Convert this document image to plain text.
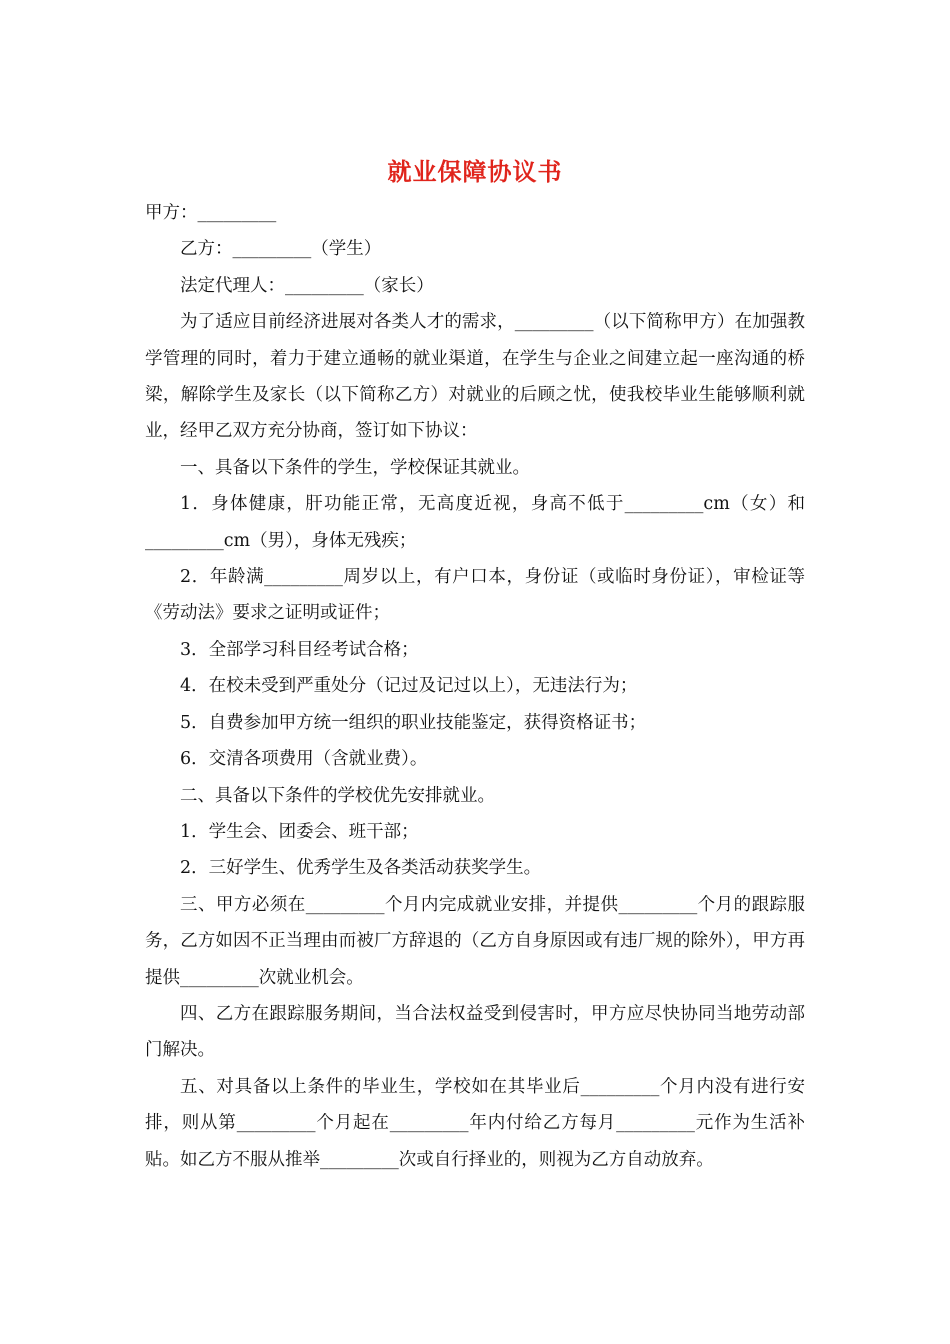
就业保障协议书

甲方：_________

乙方：_________（学生）

法定代理人：_________（家长）

为了适应目前经济进展对各类人才的需求，_________（以下简称甲方）在加强教学管理的同时，着力于建立通畅的就业渠道，在学生与企业之间建立起一座沟通的桥梁，解除学生及家长（以下简称乙方）对就业的后顾之忧，使我校毕业生能够顺利就业，经甲乙双方充分协商，签订如下协议：

一、具备以下条件的学生，学校保证其就业。

1．身体健康，肝功能正常，无高度近视，身高不低于_________cm（女）和_________cm（男），身体无残疾；

2．年龄满_________周岁以上，有户口本，身份证（或临时身份证），审检证等《劳动法》要求之证明或证件；

3．全部学习科目经考试合格；

4．在校未受到严重处分（记过及记过以上），无违法行为；

5．自费参加甲方统一组织的职业技能鉴定，获得资格证书；

6．交清各项费用（含就业费）。

二、具备以下条件的学校优先安排就业。

1．学生会、团委会、班干部；

2．三好学生、优秀学生及各类活动获奖学生。

三、甲方必须在_________个月内完成就业安排，并提供_________个月的跟踪服务，乙方如因不正当理由而被厂方辞退的（乙方自身原因或有违厂规的除外），甲方再提供_________次就业机会。

四、乙方在跟踪服务期间，当合法权益受到侵害时，甲方应尽快协同当地劳动部门解决。

五、对具备以上条件的毕业生，学校如在其毕业后_________个月内没有进行安排，则从第_________个月起在_________年内付给乙方每月_________元作为生活补贴。如乙方不服从推举_________次或自行择业的，则视为乙方自动放弃。
